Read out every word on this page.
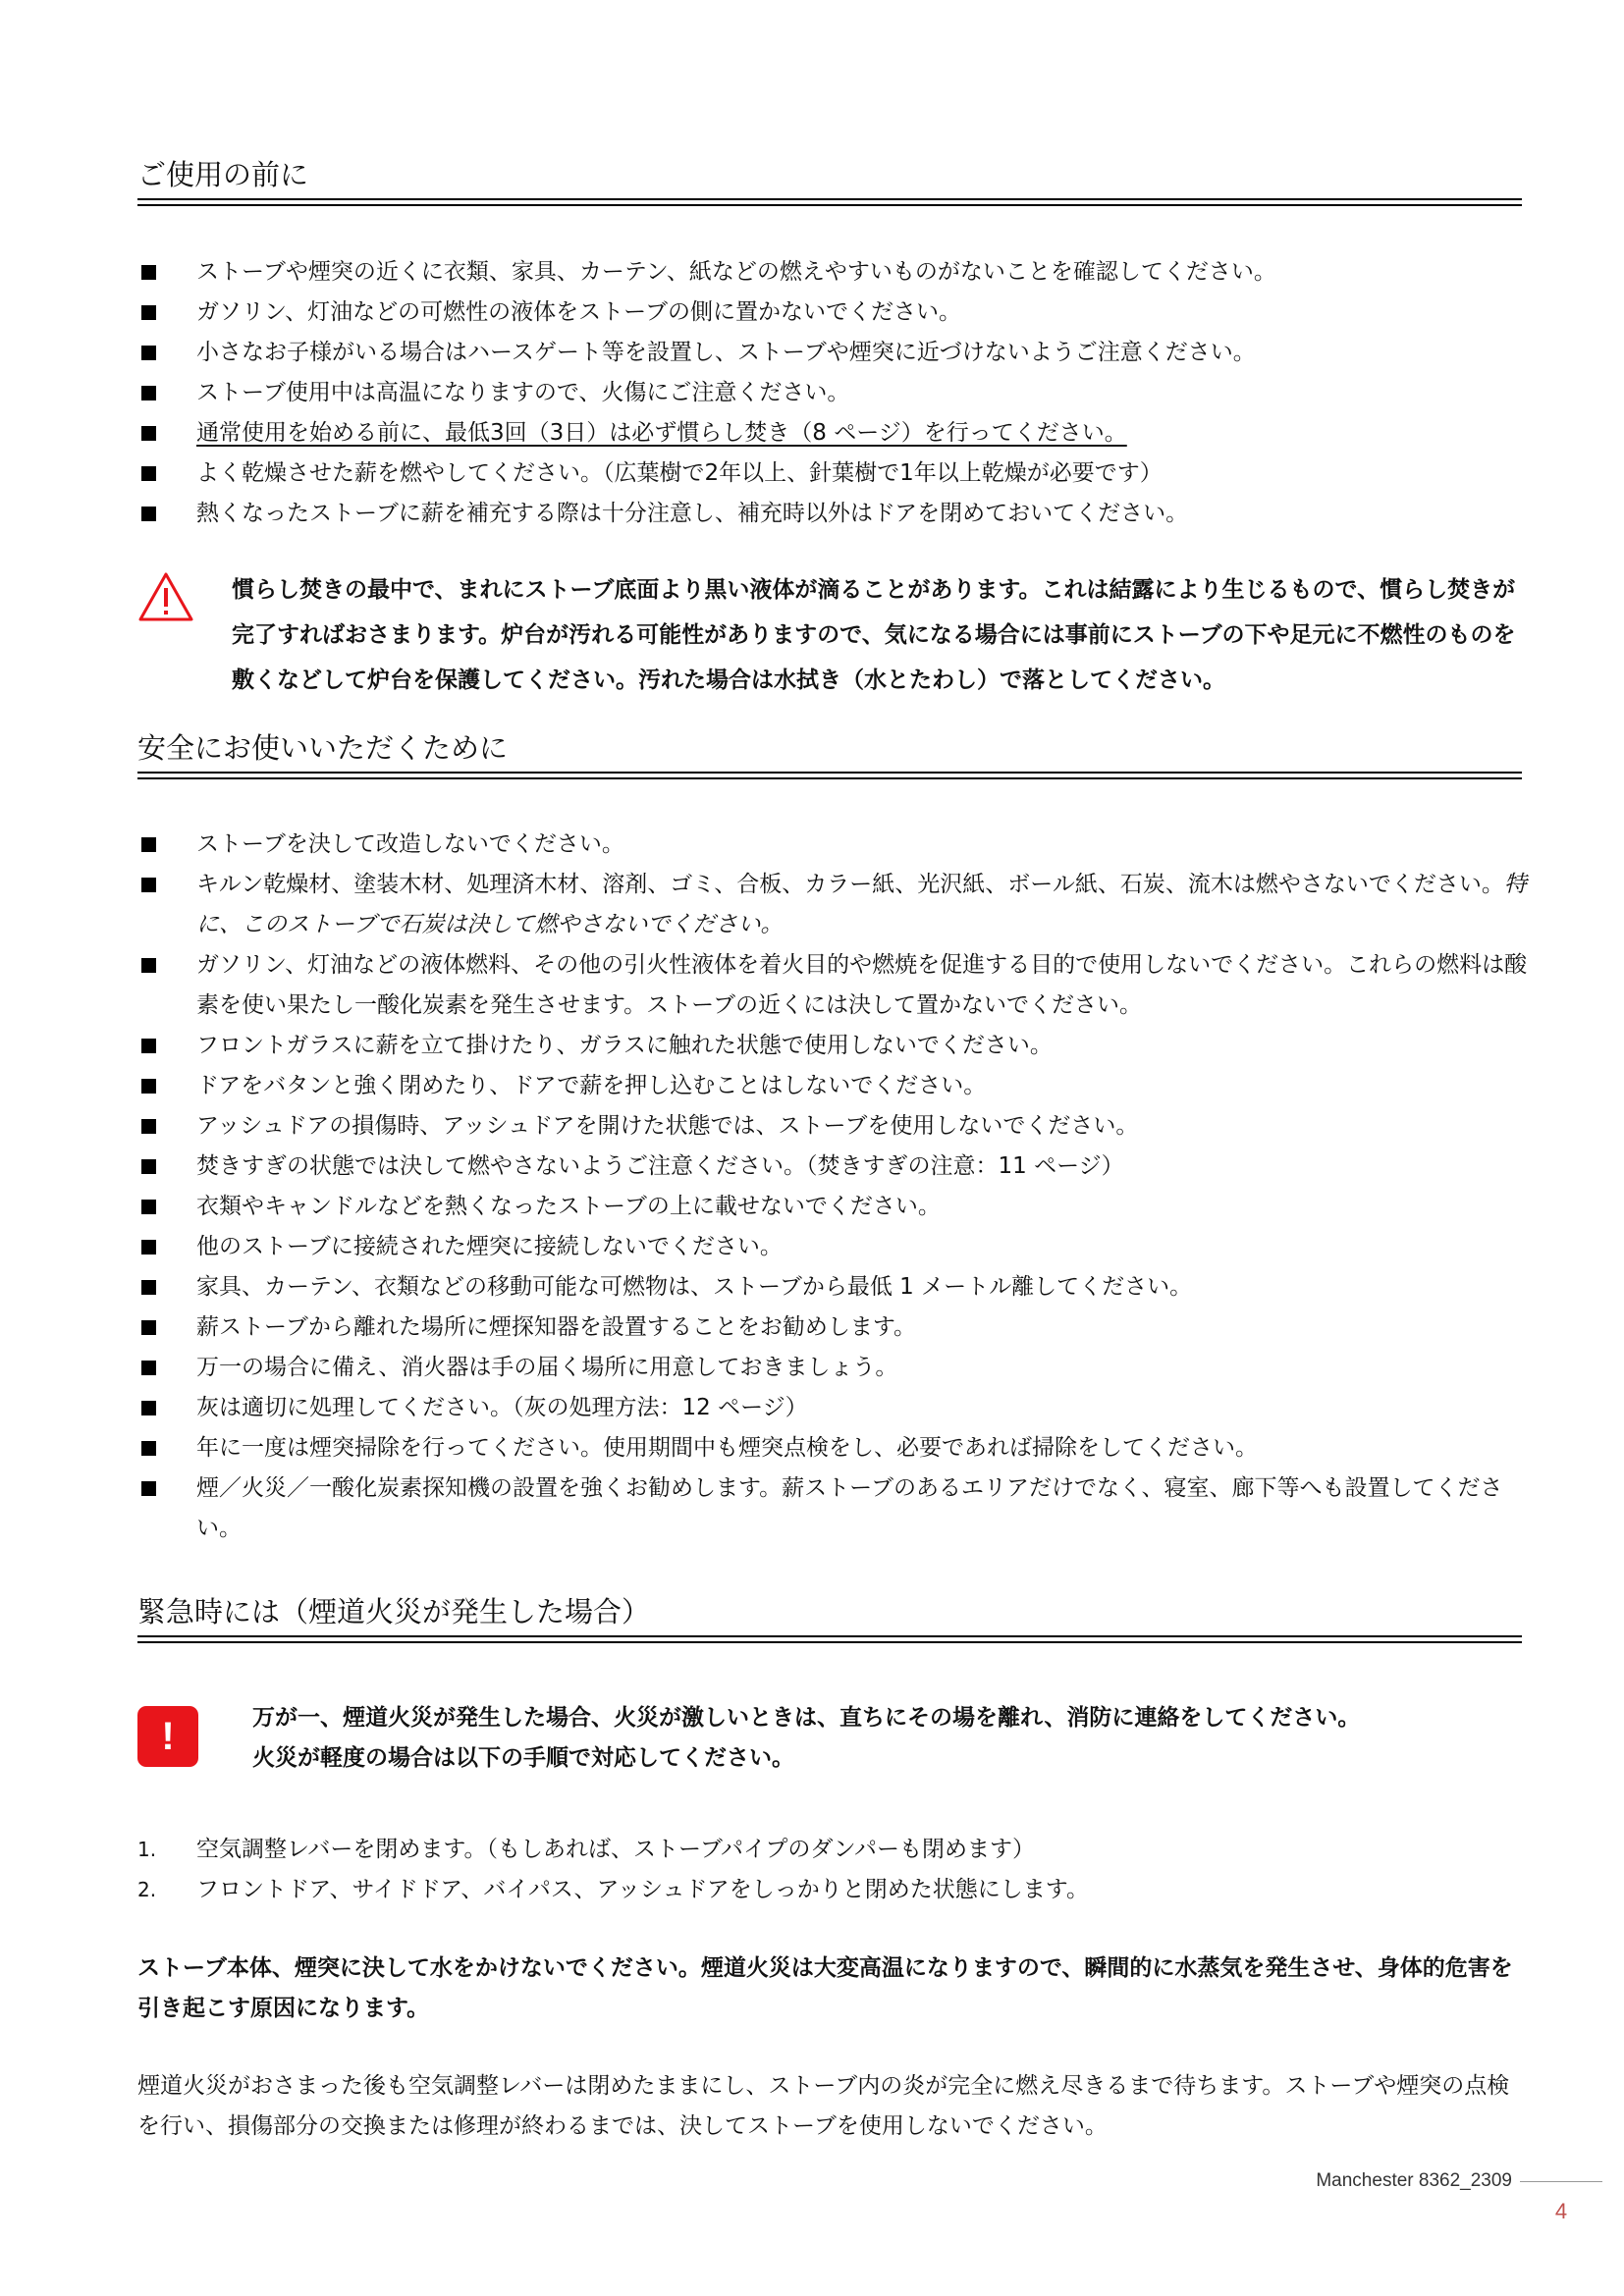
ご使用の前に
ストーブや煙突の近くに衣類、家具、カーテン、紙などの燃えやすいものがないことを確認してください。
ガソリン、灯油などの可燃性の液体をストーブの側に置かないでください。
小さなお子様がいる場合はハースゲート等を設置し、ストーブや煙突に近づけないようご注意ください。
ストーブ使用中は高温になりますので、火傷にご注意ください。
通常使用を始める前に、最低3回（3日）は必ず慣らし焚き（8 ページ）を行ってください。
よく乾燥させた薪を燃やしてください。（広葉樹で2年以上、針葉樹で1年以上乾燥が必要です）
熱くなったストーブに薪を補充する際は十分注意し、補充時以外はドアを閉めておいてください。
慣らし焚きの最中で、まれにストーブ底面より黒い液体が滴ることがあります。これは結露により生じるもので、慣らし焚きが完了すればおさまります。炉台が汚れる可能性がありますので、気になる場合には事前にストーブの下や足元に不燃性のものを敷くなどして炉台を保護してください。汚れた場合は水拭き（水とたわし）で落としてください。
安全にお使いいただくために
ストーブを決して改造しないでください。
キルン乾燥材、塗装木材、処理済木材、溶剤、ゴミ、合板、カラー紙、光沢紙、ボール紙、石炭、流木は燃やさないでください。特に、このストーブで石炭は決して燃やさないでください。
ガソリン、灯油などの液体燃料、その他の引火性液体を着火目的や燃焼を促進する目的で使用しないでください。これらの燃料は酸素を使い果たし一酸化炭素を発生させます。ストーブの近くには決して置かないでください。
フロントガラスに薪を立て掛けたり、ガラスに触れた状態で使用しないでください。
ドアをバタンと強く閉めたり、ドアで薪を押し込むことはしないでください。
アッシュドアの損傷時、アッシュドアを開けた状態では、ストーブを使用しないでください。
焚きすぎの状態では決して燃やさないようご注意ください。（焚きすぎの注意：11 ページ）
衣類やキャンドルなどを熱くなったストーブの上に載せないでください。
他のストーブに接続された煙突に接続しないでください。
家具、カーテン、衣類などの移動可能な可燃物は、ストーブから最低 1 メートル離してください。
薪ストーブから離れた場所に煙探知器を設置することをお勧めします。
万一の場合に備え、消火器は手の届く場所に用意しておきましょう。
灰は適切に処理してください。（灰の処理方法：12 ページ）
年に一度は煙突掃除を行ってください。使用期間中も煙突点検をし、必要であれば掃除をしてください。
煙／火災／一酸化炭素探知機の設置を強くお勧めします。薪ストーブのあるエリアだけでなく、寝室、廊下等へも設置してください。
緊急時には（煙道火災が発生した場合）
!	万が一、煙道火災が発生した場合、火災が激しいときは、直ちにその場を離れ、消防に連絡をしてください。
火災が軽度の場合は以下の手順で対応してください。
1. 空気調整レバーを閉めます。（もしあれば、ストーブパイプのダンパーも閉めます）
2. フロントドア、サイドドア、バイパス、アッシュドアをしっかりと閉めた状態にします。
ストーブ本体、煙突に決して水をかけないでください。煙道火災は大変高温になりますので、瞬間的に水蒸気を発生させ、身体的危害を引き起こす原因になります。
煙道火災がおさまった後も空気調整レバーは閉めたままにし、ストーブ内の炎が完全に燃え尽きるまで待ちます。ストーブや煙突の点検を行い、損傷部分の交換または修理が終わるまでは、決してストーブを使用しないでください。
Manchester 8362_2309
4
